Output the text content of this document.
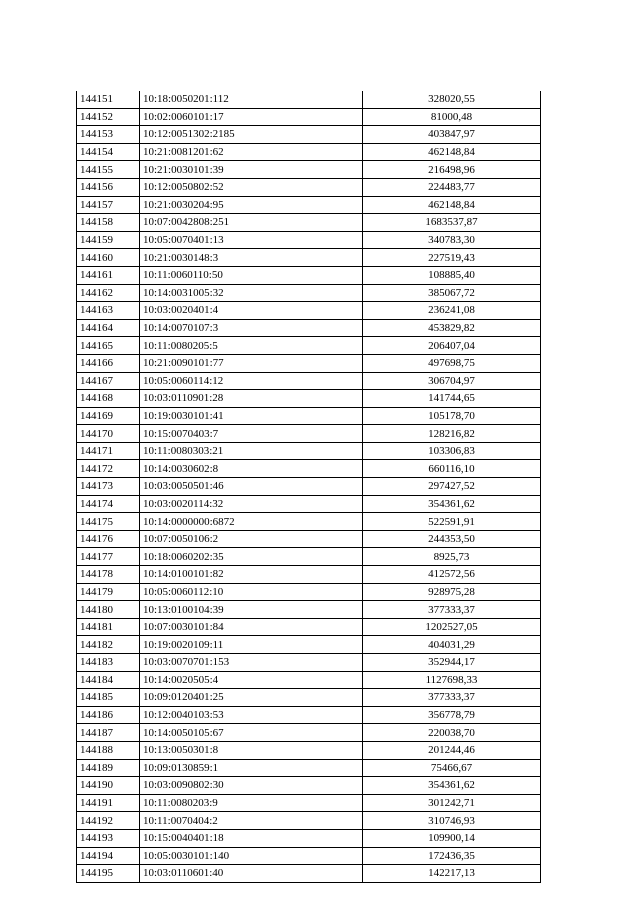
144151	10:18:0050201:112	328020,55
144152	10:02:0060101:17	81000,48
144153	10:12:0051302:2185	403847,97
144154	10:21:0081201:62	462148,84
144155	10:21:0030101:39	216498,96
144156	10:12:0050802:52	224483,77
144157	10:21:0030204:95	462148,84
144158	10:07:0042808:251	1683537,87
144159	10:05:0070401:13	340783,30
144160	10:21:0030148:3	227519,43
144161	10:11:0060110:50	108885,40
144162	10:14:0031005:32	385067,72
144163	10:03:0020401:4	236241,08
144164	10:14:0070107:3	453829,82
144165	10:11:0080205:5	206407,04
144166	10:21:0090101:77	497698,75
144167	10:05:0060114:12	306704,97
144168	10:03:0110901:28	141744,65
144169	10:19:0030101:41	105178,70
144170	10:15:0070403:7	128216,82
144171	10:11:0080303:21	103306,83
144172	10:14:0030602:8	660116,10
144173	10:03:0050501:46	297427,52
144174	10:03:0020114:32	354361,62
144175	10:14:0000000:6872	522591,91
144176	10:07:0050106:2	244353,50
144177	10:18:0060202:35	8925,73
144178	10:14:0100101:82	412572,56
144179	10:05:0060112:10	928975,28
144180	10:13:0100104:39	377333,37
144181	10:07:0030101:84	1202527,05
144182	10:19:0020109:11	404031,29
144183	10:03:0070701:153	352944,17
144184	10:14:0020505:4	1127698,33
144185	10:09:0120401:25	377333,37
144186	10:12:0040103:53	356778,79
144187	10:14:0050105:67	220038,70
144188	10:13:0050301:8	201244,46
144189	10:09:0130859:1	75466,67
144190	10:03:0090802:30	354361,62
144191	10:11:0080203:9	301242,71
144192	10:11:0070404:2	310746,93
144193	10:15:0040401:18	109900,14
144194	10:05:0030101:140	172436,35
144195	10:03:0110601:40	142217,13
